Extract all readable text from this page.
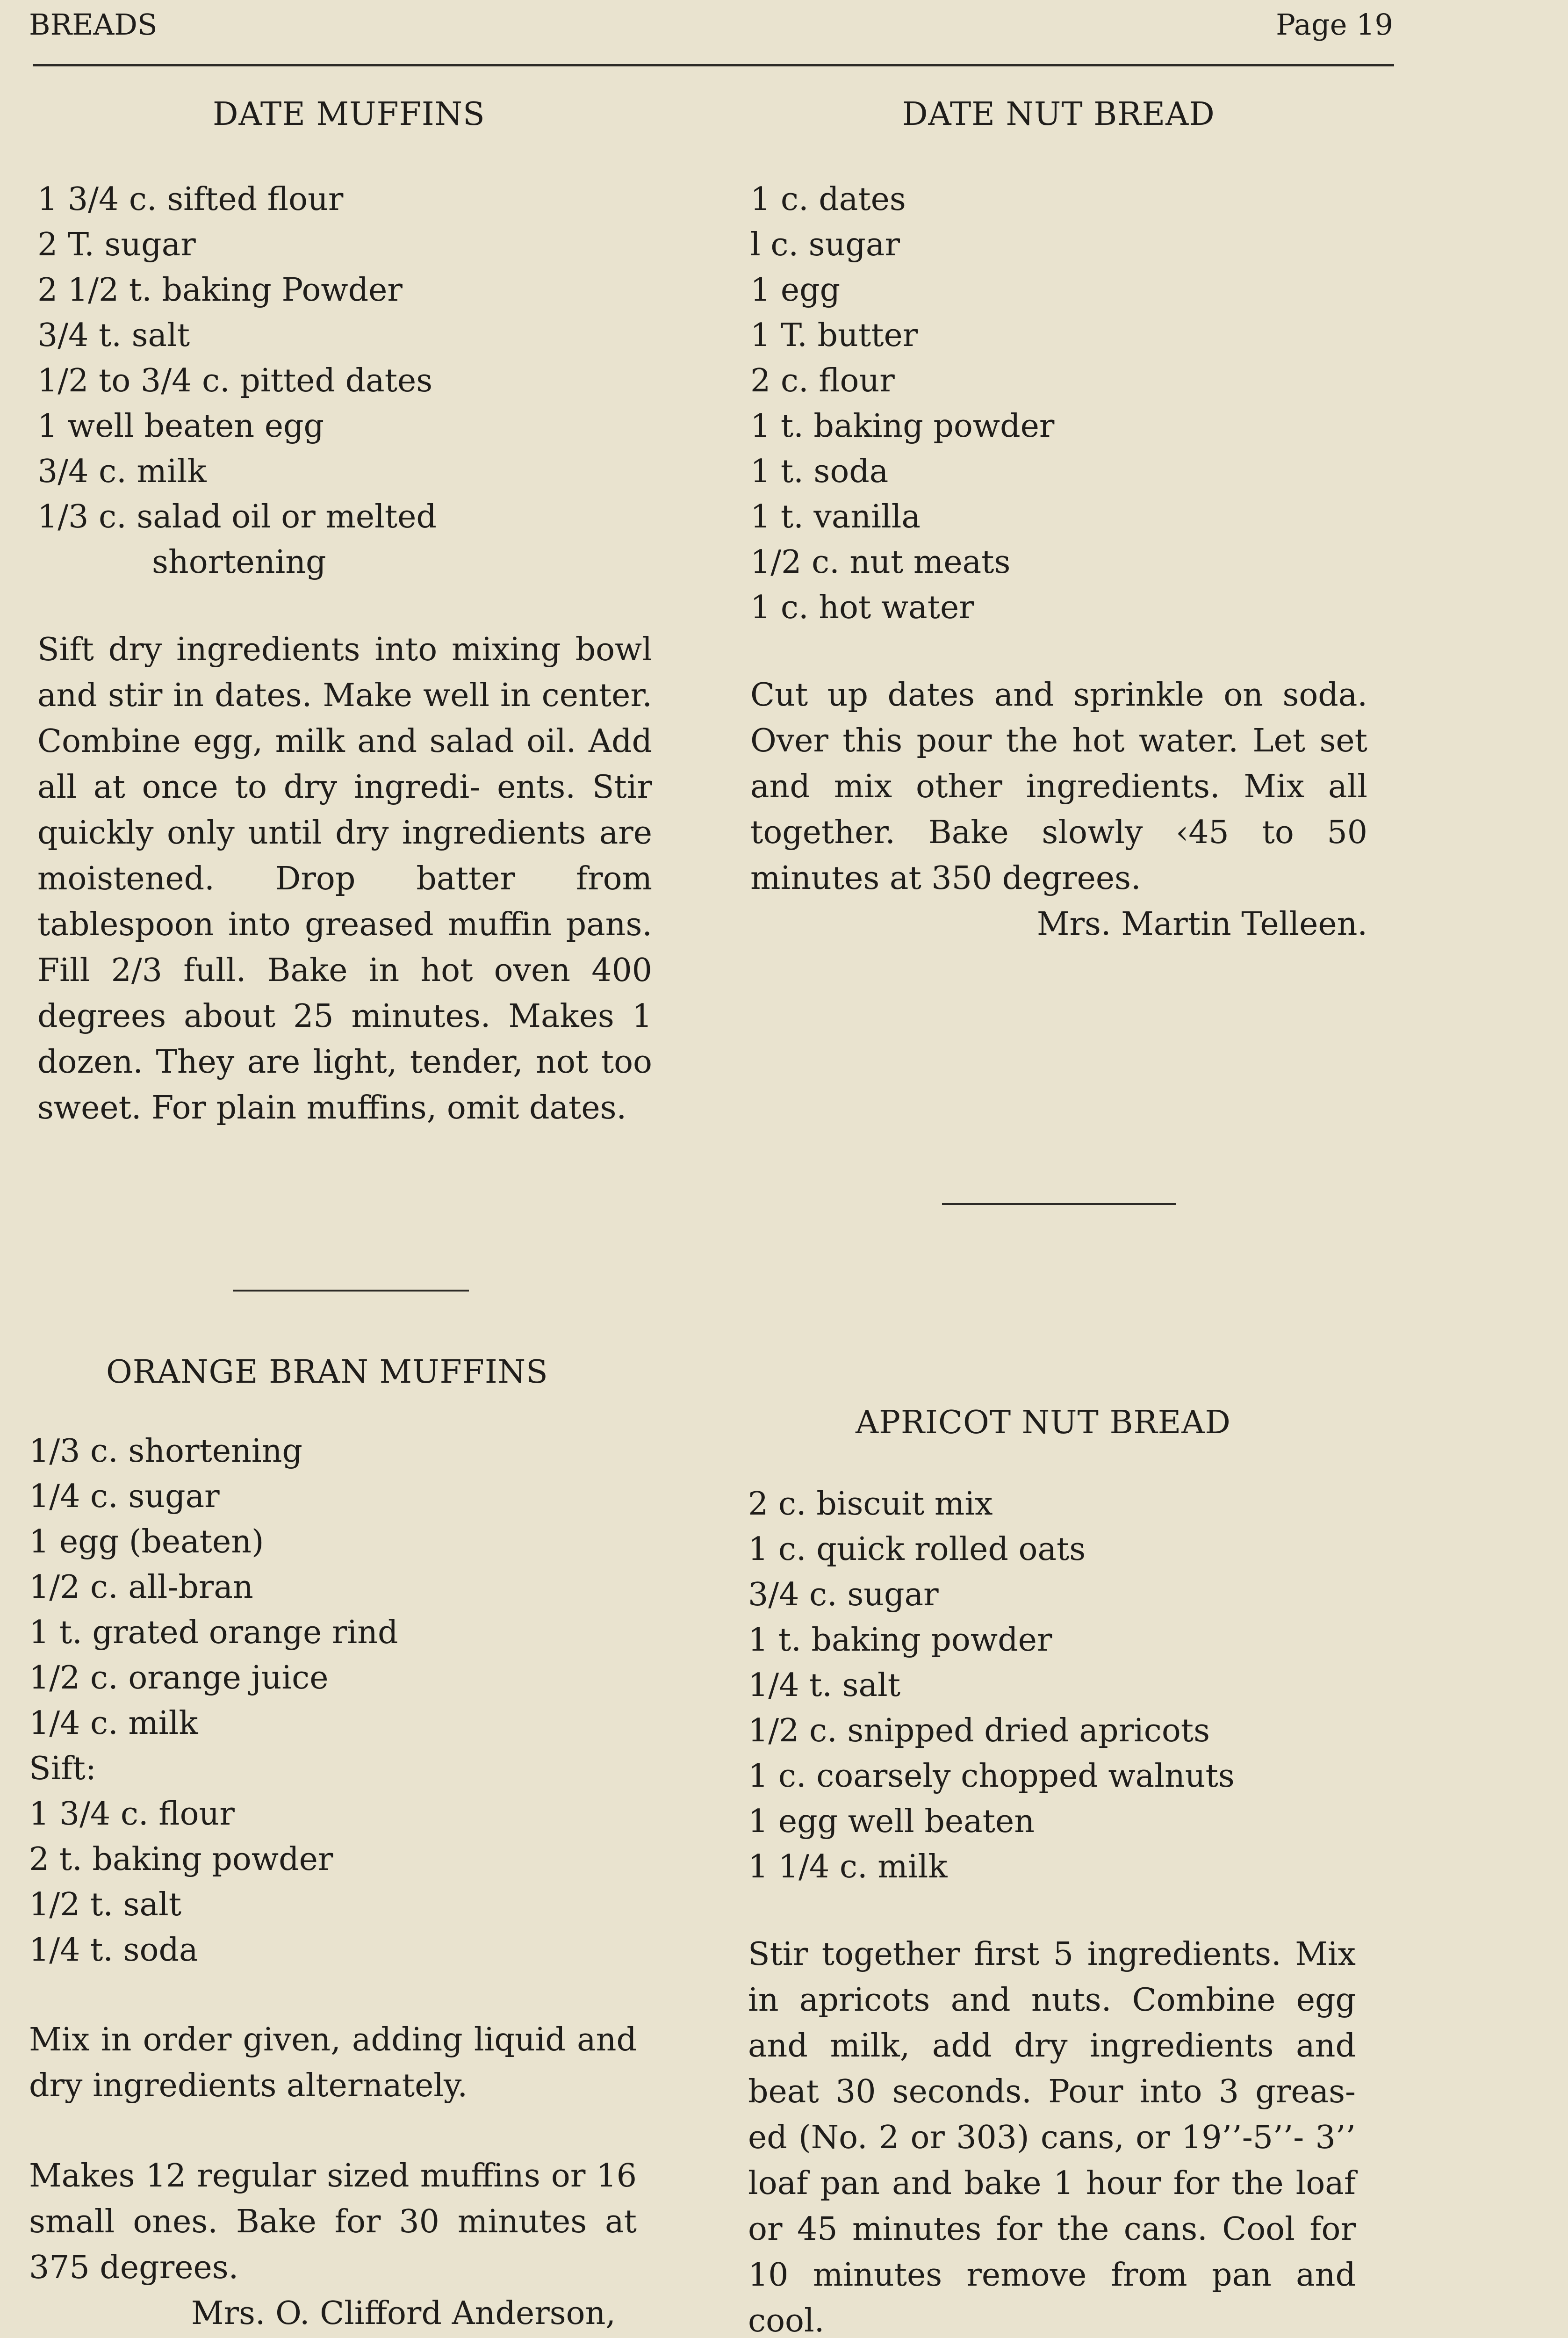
BREADS	Page 19
DATE MUFFINS
1 3/4 c. sifted flour
2 T. sugar
2 1/2 t. baking Powder
3/4 t. salt
1/2 to 3/4 c. pitted dates
1 well beaten egg
3/4 c. milk
1/3 c. salad oil or melted
shortening

Sift dry ingredients into mixing bowl and stir in dates. Make well in center. Combine egg, milk and salad oil. Add all at once to dry ingredi- ents. Stir quickly only until dry ingredients are moistened. Drop batter from tablespoon into greased muffin pans. Fill 2/3 full. Bake in hot oven 400 degrees about 25 minutes. Makes 1 dozen. They are light, tender, not too sweet. For plain muffins, omit dates.

DATE NUT BREAD
1 c. dates
l c. sugar
1 egg
1 T. butter
2 c. flour
1 t. baking powder
1 t. soda
1 t. vanilla
1/2 c. nut meats
1 c. hot water

Cut up dates and sprinkle on soda. Over this pour the hot water. Let set and mix other ingredients. Mix all together. Bake slowly ‹45 to 50 minutes at 350 degrees.

Mrs. Martin Telleen.

ORANGE BRAN MUFFINS
1/3 c. shortening
1/4 c. sugar
1 egg (beaten)
1/2 c. all-bran
1 t. grated orange rind
1/2 c. orange juice
1/4 c. milk
Sift:
1 3/4 c. flour
2 t. baking powder
1/2 t. salt
1/4 t. soda

Mix in order given, adding liquid and dry ingredients alternately.

Makes 12 regular sized muffins or 16 small ones. Bake for 30 minutes at 375 degrees.

Mrs. O. Clifford Anderson,

APRICOT NUT BREAD
2 c. biscuit mix
1 c. quick rolled oats
3/4 c. sugar
1 t. baking powder
1/4 t. salt
1/2 c. snipped dried apricots
1 c. coarsely chopped walnuts
1 egg well beaten
1 1/4 c. milk

Stir together first 5 ingredients. Mix in apricots and nuts. Combine egg and milk, add dry ingredients and beat 30 seconds. Pour into 3 greas- ed (No. 2 or 303) cans, or 19’’-5’’- 3’’ loaf pan and bake 1 hour for the loaf or 45 minutes for the cans. Cool for 10 minutes remove from pan and cool.
